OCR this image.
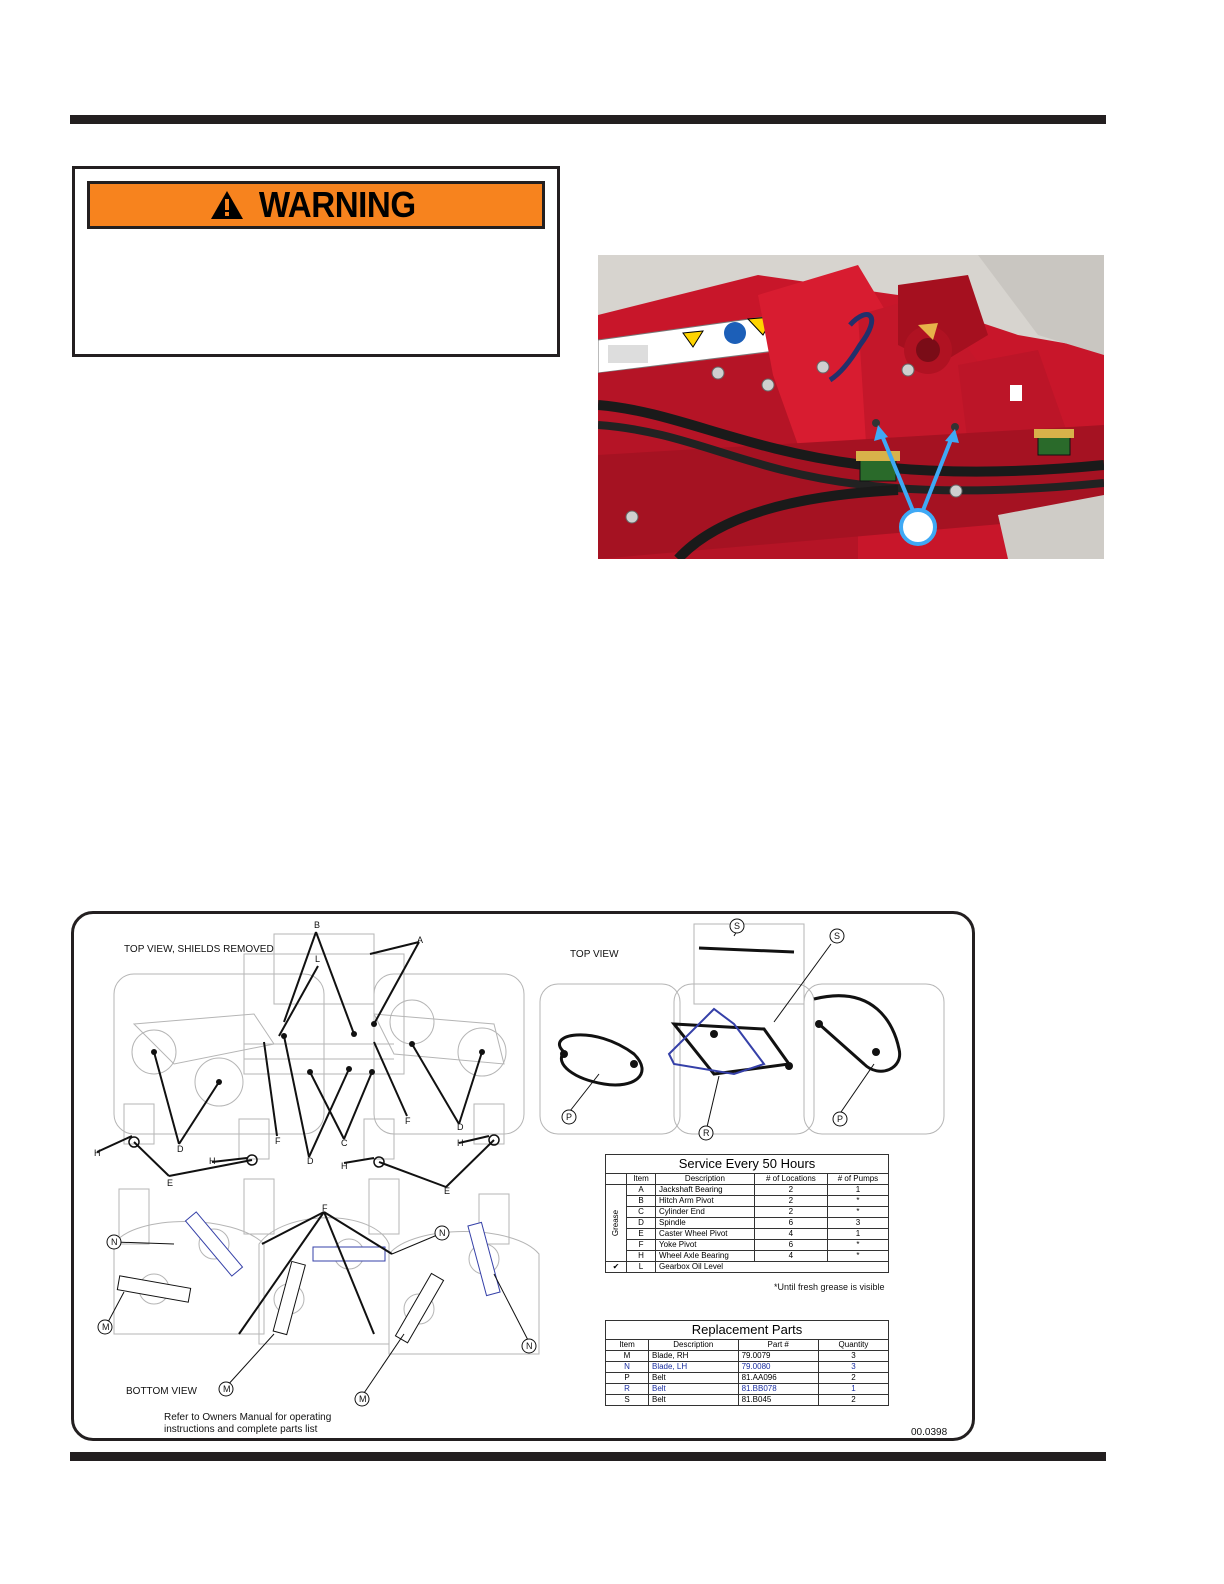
WARNING
B
A
L
F
F
D
D
D
C
H
H	H
H
E
E
S
S
P	P
R
F
N
N
N
M
M
M
TOP VIEW, SHIELDS REMOVED	TOP VIEW
BOTTOM VIEW
Refer to Owners Manual for operating
instructions and complete parts list	00.0398
*Until fresh grease is visible
Service Every 50 Hours				
	Item	Description	# of Locations	# of Pumps

Grease	A	Jackshaft Bearing	2	1
	B	Hitch Arm Pivot	2	*
	C	Cylinder End	2	*
	D	Spindle	6	3
	E	Caster Wheel Pivot	4	1
	F	Yoke Pivot	6	*
	H	Wheel Axle Bearing	4	*
✔	L	Gearbox Oil Level		
Replacement Parts			
Item	Description	Part #	Quantity
M	Blade, RH	79.0079	3
N	Blade, LH	79.0080	3
P	Belt	81.AA096	2
R	Belt	81.BB078	1
S	Belt	81.B045	2
